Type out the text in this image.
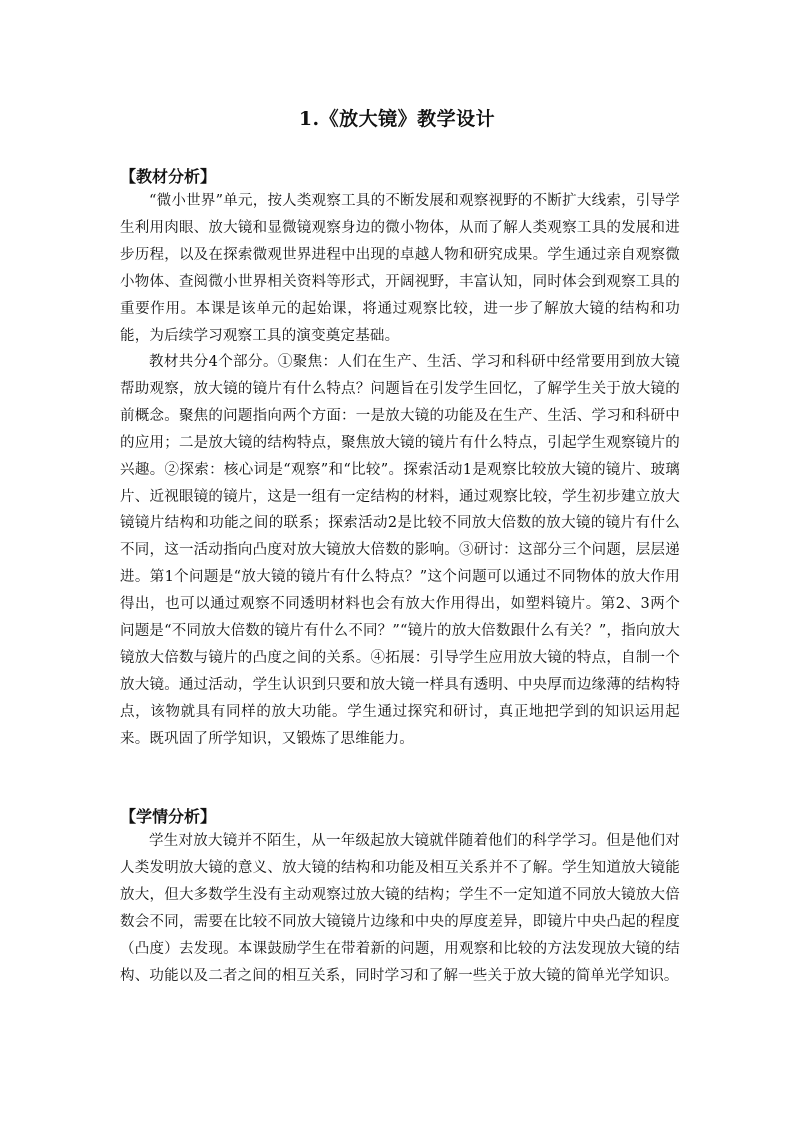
1.《放大镜》教学设计
【教材分析】

“微小世界”单元，按人类观察工具的不断发展和观察视野的不断扩大线索，引导学生利用肉眼、放大镜和显微镜观察身边的微小物体，从而了解人类观察工具的发展和进步历程，以及在探索微观世界进程中出现的卓越人物和研究成果。学生通过亲自观察微小物体、查阅微小世界相关资料等形式，开阔视野，丰富认知，同时体会到观察工具的重要作用。本课是该单元的起始课，将通过观察比较，进一步了解放大镜的结构和功能，为后续学习观察工具的演变奠定基础。

教材共分4个部分。①聚焦：人们在生产、生活、学习和科研中经常要用到放大镜帮助观察，放大镜的镜片有什么特点？问题旨在引发学生回忆，了解学生关于放大镜的前概念。聚焦的问题指向两个方面：一是放大镜的功能及在生产、生活、学习和科研中的应用；二是放大镜的结构特点，聚焦放大镜的镜片有什么特点，引起学生观察镜片的兴趣。②探索：核心词是“观察”和“比较”。探索活动1是观察比较放大镜的镜片、玻璃片、近视眼镜的镜片，这是一组有一定结构的材料，通过观察比较，学生初步建立放大镜镜片结构和功能之间的联系；探索活动2是比较不同放大倍数的放大镜的镜片有什么不同，这一活动指向凸度对放大镜放大倍数的影响。③研讨：这部分三个问题，层层递进。第1个问题是“放大镜的镜片有什么特点？”这个问题可以通过不同物体的放大作用得出，也可以通过观察不同透明材料也会有放大作用得出，如塑料镜片。第2、3两个问题是“不同放大倍数的镜片有什么不同？”“镜片的放大倍数跟什么有关？”，指向放大镜放大倍数与镜片的凸度之间的关系。④拓展：引导学生应用放大镜的特点，自制一个放大镜。通过活动，学生认识到只要和放大镜一样具有透明、中央厚而边缘薄的结构特点，该物就具有同样的放大功能。学生通过探究和研讨，真正地把学到的知识运用起来。既巩固了所学知识，又锻炼了思维能力。

【学情分析】

学生对放大镜并不陌生，从一年级起放大镜就伴随着他们的科学学习。但是他们对人类发明放大镜的意义、放大镜的结构和功能及相互关系并不了解。学生知道放大镜能放大，但大多数学生没有主动观察过放大镜的结构；学生不一定知道不同放大镜放大倍数会不同，需要在比较不同放大镜镜片边缘和中央的厚度差异，即镜片中央凸起的程度（凸度）去发现。本课鼓励学生在带着新的问题，用观察和比较的方法发现放大镜的结构、功能以及二者之间的相互关系，同时学习和了解一些关于放大镜的简单光学知识。
